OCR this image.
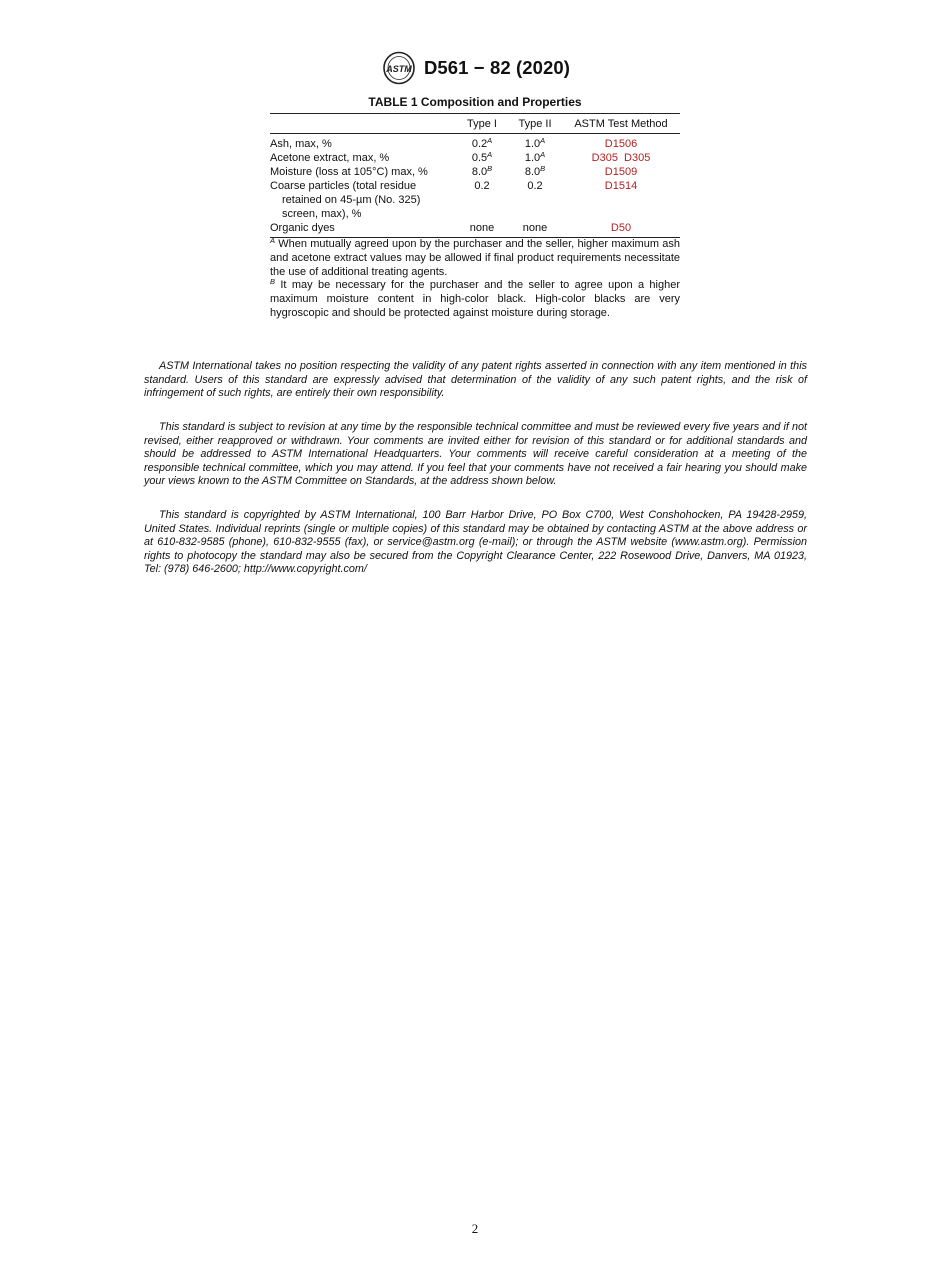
ASTM D561 − 82 (2020)
TABLE 1 Composition and Properties
	Type I	Type II	ASTM Test Method
Ash, max, %	$0.2^A$	$1.0^A$	D1506
Acetone extract, max, %	$0.5^A$	$1.0^A$	D305  D305
Moisture (loss at 105°C) max, %	$8.0^B$	$8.0^B$	D1509
Coarse particles (total residue
retained on 45-µm (No. 325)
screen, max), %	0.2	0.2	D1514
Organic dyes	none	none	D50

$^A$ When mutually agreed upon by the purchaser and the seller, higher maximum ash and acetone extract values may be allowed if final product requirements necessitate the use of additional treating agents.

$^B$ It may be necessary for the purchaser and the seller to agree upon a higher maximum moisture content in high-color black. High-color blacks are very hygroscopic and should be protected against moisture during storage.

ASTM International takes no position respecting the validity of any patent rights asserted in connection with any item mentioned in this standard. Users of this standard are expressly advised that determination of the validity of any such patent rights, and the risk of infringement of such rights, are entirely their own responsibility.

This standard is subject to revision at any time by the responsible technical committee and must be reviewed every five years and if not revised, either reapproved or withdrawn. Your comments are invited either for revision of this standard or for additional standards and should be addressed to ASTM International Headquarters. Your comments will receive careful consideration at a meeting of the responsible technical committee, which you may attend. If you feel that your comments have not received a fair hearing you should make your views known to the ASTM Committee on Standards, at the address shown below.

This standard is copyrighted by ASTM International, 100 Barr Harbor Drive, PO Box C700, West Conshohocken, PA 19428-2959, United States. Individual reprints (single or multiple copies) of this standard may be obtained by contacting ASTM at the above address or at 610-832-9585 (phone), 610-832-9555 (fax), or service@astm.org (e-mail); or through the ASTM website (www.astm.org). Permission rights to photocopy the standard may also be secured from the Copyright Clearance Center, 222 Rosewood Drive, Danvers, MA 01923, Tel: (978) 646-2600; http://www.copyright.com/

2
